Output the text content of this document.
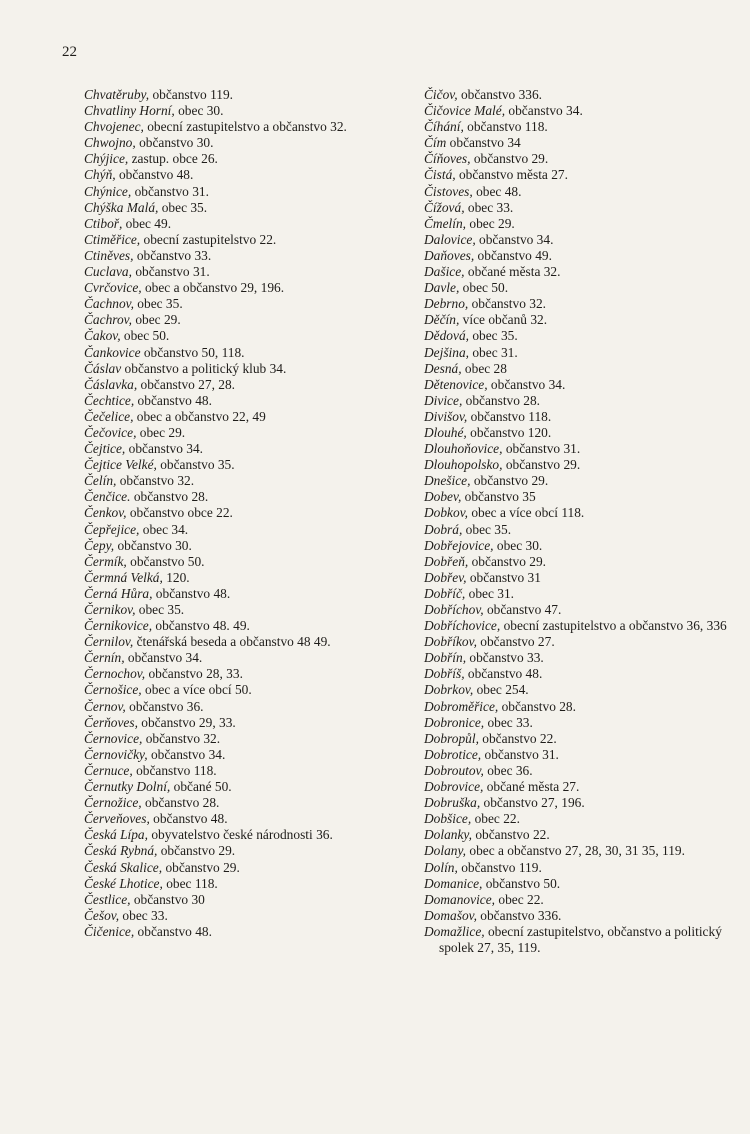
22
Chvatěruby, občanstvo 119.
Chvatliny Horní, obec 30.
Chvojenec, obecní zastupitelstvo a občanstvo 32.
Chwojno, občanstvo 30.
Chýjice, zastup. obce 26.
Chýň, občanstvo 48.
Chýnice, občanstvo 31.
Chýška Malá, obec 35.
Ctiboř, obec 49.
Ctiměřice, obecní zastupitelstvo 22.
Ctiněves, občanstvo 33.
Cuclava, občanstvo 31.
Cvrčovice, obec a občanstvo 29, 196.
Čachnov, obec 35.
Čachrov, obec 29.
Čakov, obec 50.
Čankovice občanstvo 50, 118.
Čáslav občanstvo a politický klub 34.
Čáslavka, občanstvo 27, 28.
Čechtice, občanstvo 48.
Čečelice, obec a občanstvo 22, 49
Čečovice, obec 29.
Čejtice, občanstvo 34.
Čejtice Velké, občanstvo 35.
Čelín, občanstvo 32.
Čenčice. občanstvo 28.
Čenkov, občanstvo obce 22.
Čepřejice, obec 34.
Čepy, občanstvo 30.
Čermík, občanstvo 50.
Čermná Velká, 120.
Černá Hůra, občanstvo 48.
Černikov, obec 35.
Černikovice, občanstvo 48. 49.
Černilov, čtenářská beseda a občanstvo 48 49.
Černín, občanstvo 34.
Černochov, občanstvo 28, 33.
Černošice, obec a více obcí 50.
Černov, občanstvo 36.
Čerňoves, občanstvo 29, 33.
Černovice, občanstvo 32.
Černovičky, občanstvo 34.
Černuce, občanstvo 118.
Černutky Dolní, občané 50.
Černožice, občanstvo 28.
Červeňoves, občanstvo 48.
Česká Lípa, obyvatelstvo české národnosti 36.
Česká Rybná, občanstvo 29.
Česká Skalice, občanstvo 29.
České Lhotice, obec 118.
Čestlice, občanstvo 30
Češov, obec 33.
Čičenice, občanstvo 48.
Čičov, občanstvo 336.
Čičovice Malé, občanstvo 34.
Číhání, občanstvo 118.
Čím občanstvo 34
Číňoves, občanstvo 29.
Čistá, občanstvo města 27.
Čistoves, obec 48.
Čížová, obec 33.
Čmelín, obec 29.
Dalovice, občanstvo 34.
Daňoves, občanstvo 49.
Dašice, občané města 32.
Davle, obec 50.
Debrno, občanstvo 32.
Děčín, více občanů 32.
Dědová, obec 35.
Dejšina, obec 31.
Desná, obec 28
Dětenovice, občanstvo 34.
Divice, občanstvo 28.
Divišov, občanstvo 118.
Dlouhé, občanstvo 120.
Dlouhoňovice, občanstvo 31.
Dlouhopolsko, občanstvo 29.
Dnešice, občanstvo 29.
Dobev, občanstvo 35
Dobkov, obec a více obcí 118.
Dobrá, obec 35.
Dobřejovice, obec 30.
Dobřeň, občanstvo 29.
Dobřev, občanstvo 31
Dobříč, obec 31.
Dobříchov, občanstvo 47.
Dobříchovice, obecní zastupitelstvo a občanstvo 36, 336
Dobříkov, občanstvo 27.
Dobřín, občanstvo 33.
Dobříš, občanstvo 48.
Dobrkov, obec 254.
Dobroměřice, občanstvo 28.
Dobronice, obec 33.
Dobropůl, občanstvo 22.
Dobrotice, občanstvo 31.
Dobroutov, obec 36.
Dobrovice, občané města 27.
Dobruška, občanstvo 27, 196.
Dobšice, obec 22.
Dolanky, občanstvo 22.
Dolany, obec a občanstvo 27, 28, 30, 31 35, 119.
Dolín, občanstvo 119.
Domanice, občanstvo 50.
Domanovice, obec 22.
Domašov, občanstvo 336.
Domažlice, obecní zastupitelstvo, občanstvo a politický spolek 27, 35, 119.
